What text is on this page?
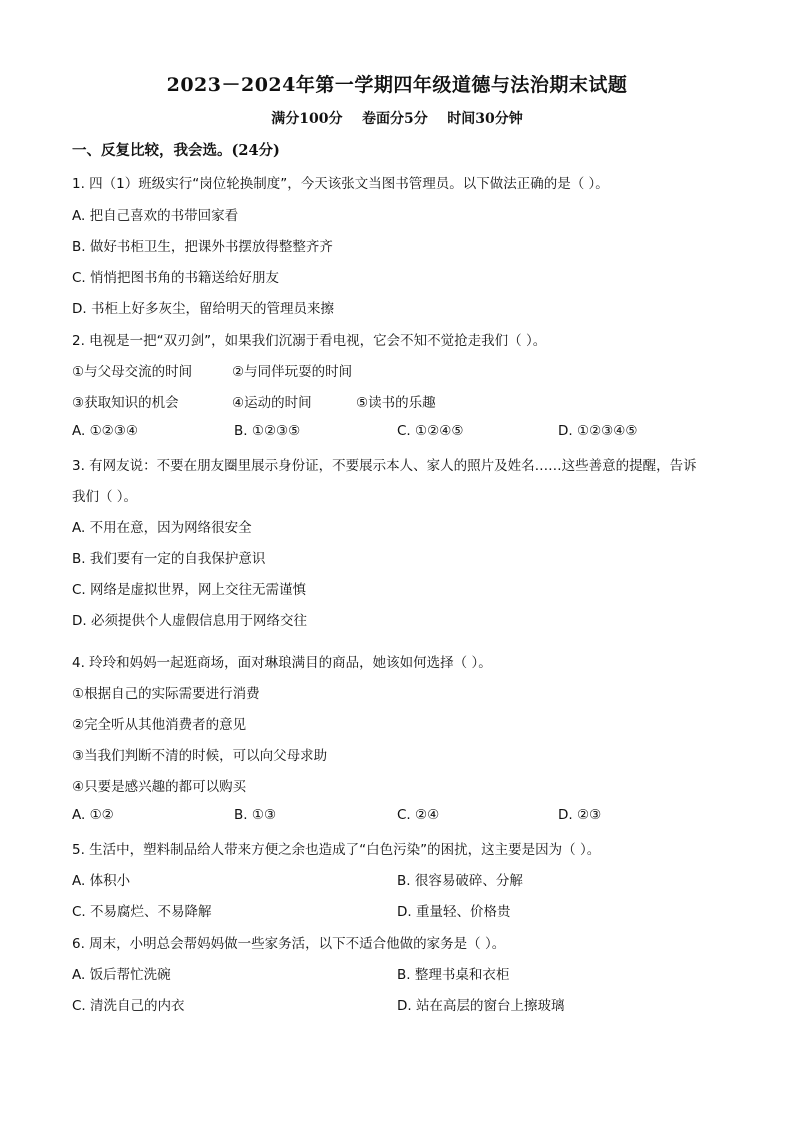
2023－2024年第一学期四年级道德与法治期末试题
满分100分    卷面分5分    时间30分钟
一、反复比较，我会选。(24分)
1. 四（1）班级实行“岗位轮换制度”，今天该张文当图书管理员。以下做法正确的是（ ）。
A. 把自己喜欢的书带回家看
B. 做好书柜卫生，把课外书摆放得整整齐齐
C. 悄悄把图书角的书籍送给好朋友
D. 书柜上好多灰尘，留给明天的管理员来擦
2. 电视是一把“双刃剑”，如果我们沉溺于看电视，它会不知不觉抢走我们（ ）。
①与父母交流的时间	②与同伴玩耍的时间
③获取知识的机会	④运动的时间	⑤读书的乐趣
A. ①②③④	B. ①②③⑤	C. ①②④⑤	D. ①②③④⑤
3. 有网友说：不要在朋友圈里展示身份证，不要展示本人、家人的照片及姓名……这些善意的提醒，告诉
我们（ ）。
A. 不用在意，因为网络很安全
B. 我们要有一定的自我保护意识
C. 网络是虚拟世界，网上交往无需谨慎
D. 必须提供个人虚假信息用于网络交往
4. 玲玲和妈妈一起逛商场，面对琳琅满目的商品，她该如何选择（ ）。
①根据自己的实际需要进行消费
②完全听从其他消费者的意见
③当我们判断不清的时候，可以向父母求助
④只要是感兴趣的都可以购买
A. ①②	B. ①③	C. ②④	D. ②③
5. 生活中，塑料制品给人带来方便之余也造成了“白色污染”的困扰，这主要是因为（ ）。
A. 体积小	B. 很容易破碎、分解
C. 不易腐烂、不易降解	D. 重量轻、价格贵
6. 周末，小明总会帮妈妈做一些家务活，以下不适合他做的家务是（ ）。
A. 饭后帮忙洗碗	B. 整理书桌和衣柜
C. 清洗自己的内衣	D. 站在高层的窗台上擦玻璃
